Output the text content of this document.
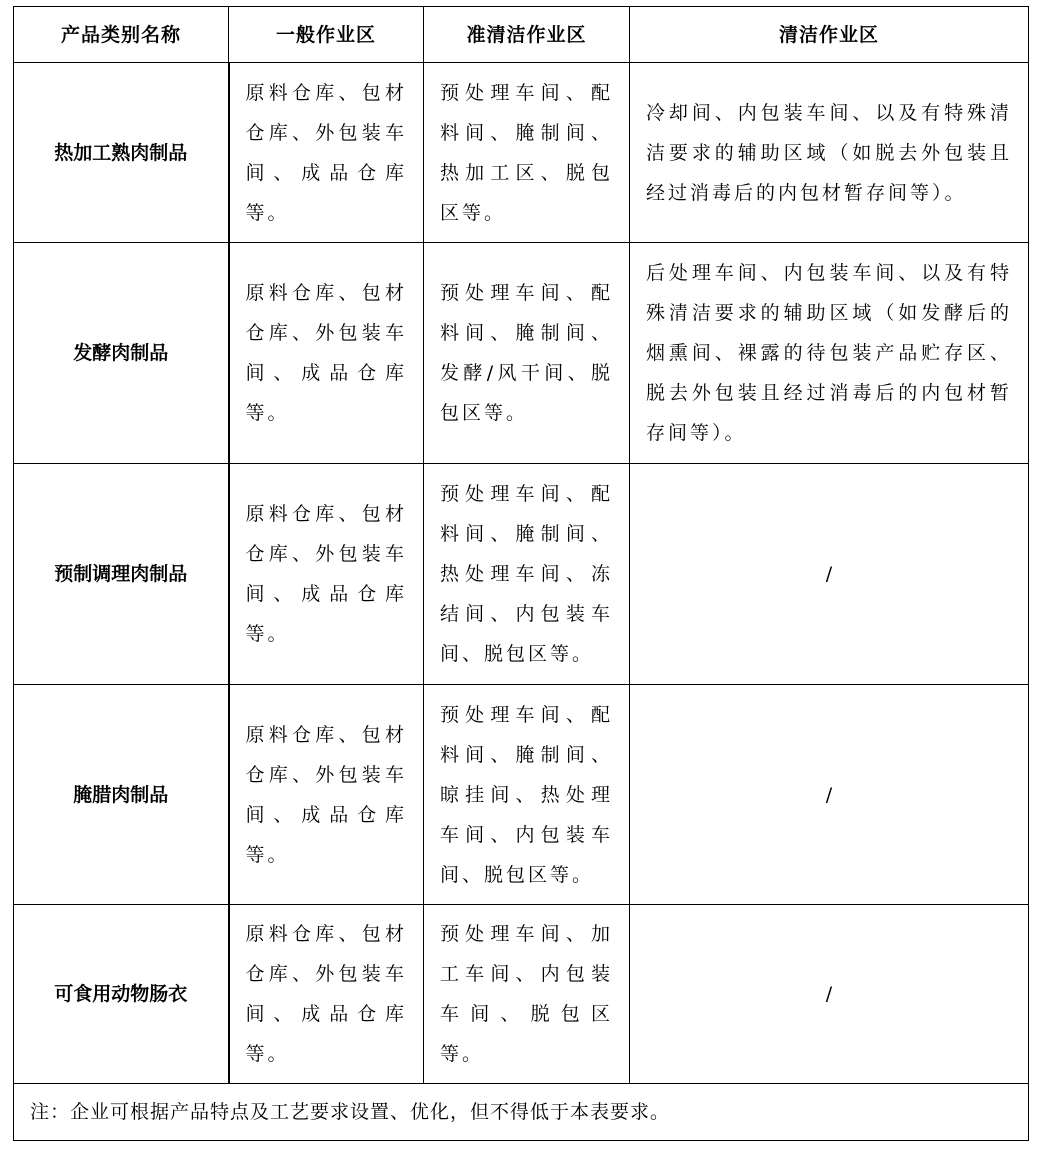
产品类别名称	一般作业区	准清洁作业区	清洁作业区
热加工熟肉制品	原料仓库、包材仓库、外包装车间、成品仓库等。	预处理车间、配料间、腌制间、热加工区、脱包区等。	冷却间、内包装车间、以及有特殊清洁要求的辅助区域（如脱去外包装且经过消毒后的内包材暂存间等）。
发酵肉制品	原料仓库、包材仓库、外包装车间、成品仓库等。	预处理车间、配料间、腌制间、发酵/风干间、脱包区等。	后处理车间、内包装车间、以及有特殊清洁要求的辅助区域（如发酵后的烟熏间、裸露的待包装产品贮存区、脱去外包装且经过消毒后的内包材暂存间等）。
预制调理肉制品	原料仓库、包材仓库、外包装车间、成品仓库等。	预处理车间、配料间、腌制间、热处理车间、冻结间、内包装车间、脱包区等。	/
腌腊肉制品	原料仓库、包材仓库、外包装车间、成品仓库等。	预处理车间、配料间、腌制间、晾挂间、热处理车间、内包装车间、脱包区等。	/
可食用动物肠衣	原料仓库、包材仓库、外包装车间、成品仓库等。	预处理车间、加工车间、内包装车间、脱包区等。	/
注：企业可根据产品特点及工艺要求设置、优化，但不得低于本表要求。			
